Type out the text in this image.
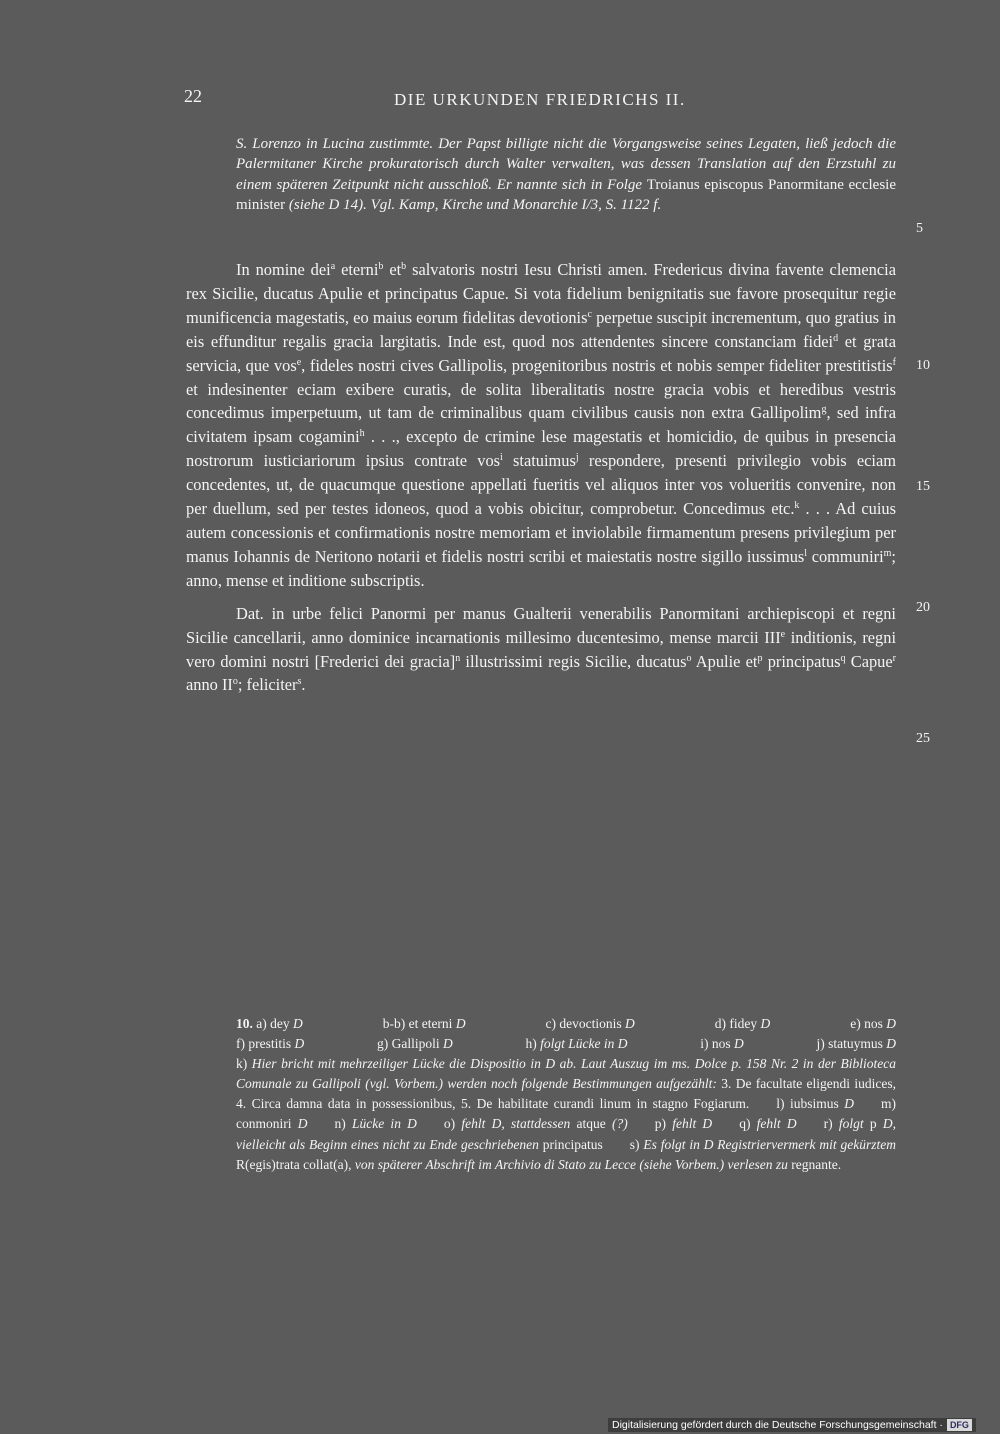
22	DIE URKUNDEN FRIEDRICHS II.
S. Lorenzo in Lucina zustimmte. Der Papst billigte nicht die Vorgangsweise seines Legaten, ließ jedoch die Palermitaner Kirche prokuratorisch durch Walter verwalten, was dessen Translation auf den Erzstuhl zu einem späteren Zeitpunkt nicht ausschloß. Er nannte sich in Folge Troianus episcopus Panormitane ecclesie minister (siehe D 14). Vgl. Kamp, Kirche und Monarchie I/3, S. 1122 f.

In nomine dei$^a$ eterni$^b$ $et^b$ salvatoris nostri Iesu Christi amen. Fredericus divina favente clemencia rex Sicilie, ducatus Apulie et principatus Capue. Si vota fidelium benignitatis sue favore prosequitur regie munificencia magestatis, eo maius eorum fidelitas devotionis$^c$ perpetue suscipit incrementum, quo gratius in eis effunditur regalis gracia largitatis. Inde est, quod nos attendentes sincere constanciam fidei$^d$ et grata servicia, que vos$^e$, fideles nostri cives Gallipolis, progenitoribus nostris et nobis semper fideliter prestitistis$^f$ et indesinenter eciam exibere curatis, de solita liberalitatis nostre gracia vobis et heredibus vestris concedimus imperpetuum, ut tam de criminalibus quam civilibus causis non extra Gallipolim$^g$, sed infra civitatem ipsam cogamini$^h$ . . ., excepto de crimine lese magestatis et homicidio, de quibus in presencia nostrorum iusticiariorum ipsius contrate vos$^i$ statuimus$^j$ respondere, presenti privilegio vobis eciam concedentes, ut, de quacumque questione appellati fueritis vel aliquos inter vos volueritis convenire, non per duellum, sed per testes idoneos, quod a vobis obicitur, comprobetur. Concedimus etc.$^k$ . . . Ad cuius autem concessionis et confirmationis nostre memoriam et inviolabile firmamentum presens privilegium per manus Iohannis de Neritono notarii et fidelis nostri scribi et maiestatis nostre sigillo iussimus$^l$ communiri$^m$; anno, mense et inditione subscriptis.

Dat. in urbe felici Panormi per manus Gualterii venerabilis Panormitani archiepiscopi et regni Sicilie cancellarii, anno dominice incarnationis millesimo ducentesimo, mense marcii IIIe inditionis, regni vero domini nostri [Frederici dei gracia]$^n$ illustrissimi regis Sicilie, ducatus$^o$ Apulie $et^p$ principatus$^q$ Capue$^r$ anno $II^o$; feliciter$^s$.

5
10
15
20
25
10. a) dey D	b-b) et eterni D	c) devoctionis D	d) fidey D	e) nos D
f) prestitis D	g) Gallipoli D	h) folgt Lücke in D	i) nos D	j) statuymus D
k) Hier bricht mit mehrzeiliger Lücke die Dispositio in D ab. Laut Auszug im ms. Dolce p. 158 Nr. 2 in der Biblioteca Comunale zu Gallipoli (vgl. Vorbem.) werden noch folgende Bestimmungen aufgezählt: 3. De facultate eligendi iudices, 4. Circa damna data in possessionibus, 5. De habilitate curandi linum in stagno Fogiarum.  l) iubsimus D  m) conmoniri D  n) Lücke in D  o) fehlt D, stattdessen atque (?)  p) fehlt D  q) fehlt D  r) folgt p D, vielleicht als Beginn eines nicht zu Ende geschriebenen principatus  s) Es folgt in D Registriervermerk mit gekürztem R(egis)trata collat(a), von späterer Abschrift im Archivio di Stato zu Lecce (siehe Vorbem.) verlesen zu regnante.
Digitalisierung gefördert durch die Deutsche Forschungsgemeinschaft · DFG
